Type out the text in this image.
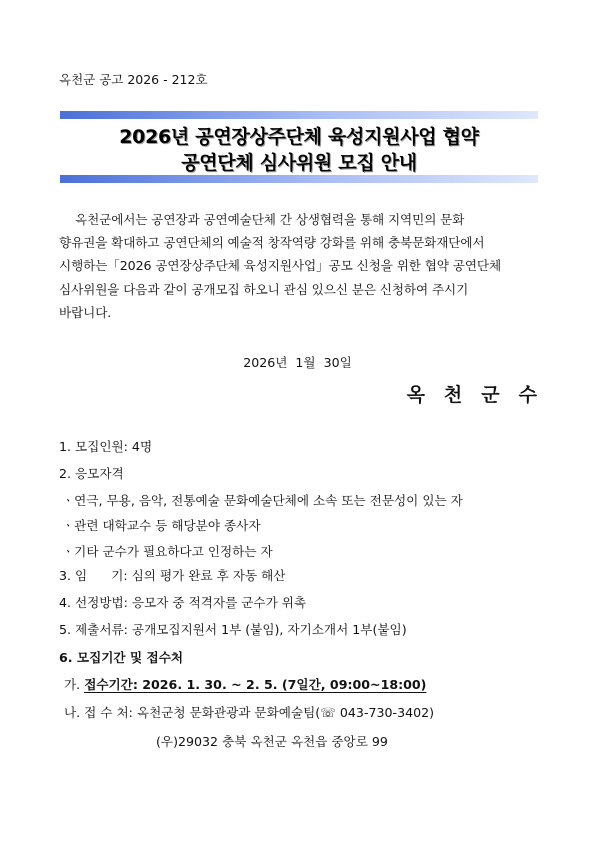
옥천군 공고 2026 - 212호
2026년 공연장상주단체 육성지원사업 협약
공연단체 심사위원 모집 안내
옥천군에서는 공연장과 공연예술단체 간 상생협력을 통해 지역민의 문화
향유권을 확대하고 공연단체의 예술적 창작역량 강화를 위해 충북문화재단에서
시행하는「2026 공연장상주단체 육성지원사업」공모 신청을 위한 협약 공연단체
심사위원을 다음과 같이 공개모집 하오니 관심 있으신 분은 신청하여 주시기
바랍니다.
2026년 1월 30일
옥천군수
1. 모집인원: 4명
2. 응모자격
ㆍ연극, 무용, 음악, 전통예술 문화예술단체에 소속 또는 전문성이 있는 자
ㆍ관련 대학교수 등 해당분야 종사자
ㆍ기타 군수가 필요하다고 인정하는 자
3. 임      기: 심의 평가 완료 후 자동 해산
4. 선정방법: 응모자 중 적격자를 군수가 위촉
5. 제출서류: 공개모집지원서 1부 (붙임), 자기소개서 1부(붙임)
6. 모집기간 및 접수처
가. 접수기간: 2026. 1. 30. ~ 2. 5. (7일간, 09:00~18:00)
나. 접 수 처: 옥천군청 문화관광과 문화예술팀(☏ 043-730-3402)
(우)29032 충북 옥천군 옥천읍 중앙로 99
